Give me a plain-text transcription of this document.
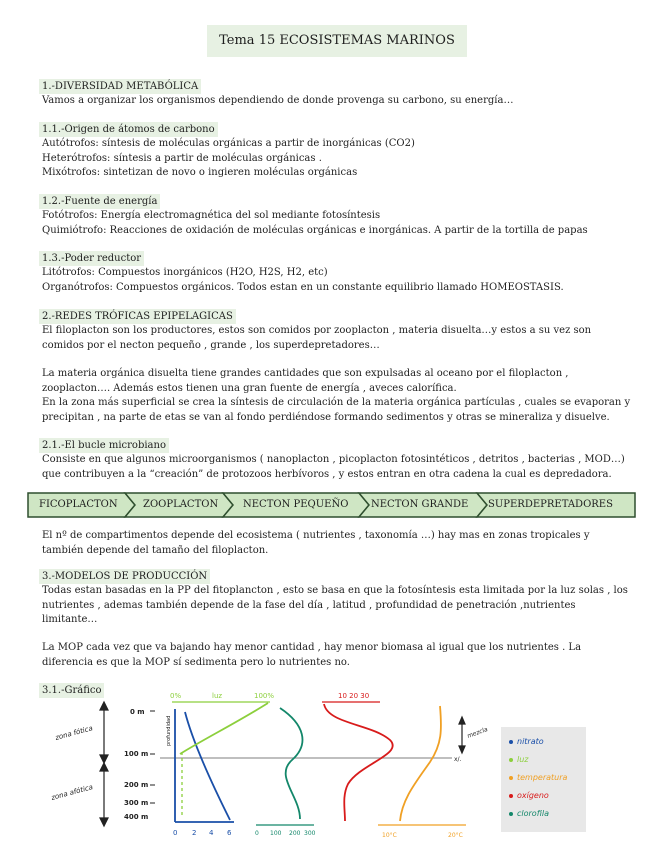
Tema 15 ECOSISTEMAS MARINOS
1.-DIVERSIDAD METABÓLICA
Vamos a organizar los organismos dependiendo de donde provenga su carbono, su energía…
1.1.-Origen de átomos de carbono
Autótrofos: síntesis de moléculas orgánicas a partir de inorgánicas (CO2)
Heterótrofos: síntesis a partir de moléculas orgánicas .
Mixótrofos: sintetizan de novo o ingieren moléculas orgánicas
1.2.-Fuente de energía
Fotótrofos: Energía electromagnética del sol mediante fotosíntesis
Quimiótrofo: Reacciones de oxidación de moléculas orgánicas e inorgánicas. A partir de la tortilla de papas
1.3.-Poder reductor
Litótrofos: Compuestos inorgánicos (H2O, H2S, H2, etc)
Organótrofos: Compuestos orgánicos. Todos estan en un constante equilibrio llamado HOMEOSTASIS.
2.-REDES TRÓFICAS EPIPELAGICAS
El filoplacton son los productores, estos son comidos por zooplacton , materia disuelta…y estos a su vez son
comidos por el necton pequeño , grande , los superdepretadores…
La materia orgánica disuelta tiene grandes cantidades que son expulsadas al oceano por el filoplacton ,
zooplacton…. Además estos tienen una gran fuente de energía , aveces calorífica.
En la zona más superficial se crea la síntesis de circulación de la materia orgánica partículas , cuales se evaporan y
precipitan , na parte de etas se van al fondo perdiéndose formando sedimentos y otras se mineraliza y disuelve.
2.1.-El bucle microbiano
Consiste en que algunos microorganismos ( nanoplacton , picoplacton fotosintéticos , detritos , bacterias , MOD…)
que contribuyen a la “creación” de protozoos herbívoros , y estos entran en otra cadena la cual es depredadora.
FICOPLACTON	ZOOPLACTON NECTON PEQUEÑO NECTON GRANDE SUPERDEPRETADORES
El nº de compartimentos depende del ecosistema ( nutrientes , taxonomía …) hay mas en zonas tropicales y
también depende del tamaño del filoplacton.
3.-MODELOS DE PRODUCCIÓN
Todas estan basadas en la PP del fitoplancton , esto se basa en que la fotosíntesis esta limitada por la luz solas , los
nutrientes , ademas también depende de la fase del día , latitud , profundidad de penetración ,nutrientes
limitante…
La MOP cada vez que va bajando hay menor cantidad , hay menor biomasa al igual que los nutrientes . La
diferencia es que la MOP sí sedimenta pero lo nutrientes no.
3.1.-Gráfico
zona fótica
zona afótica
0 m
100 m
200 m
300 m
400 m
profundidad
0%	luz	100%	10 20 30
mezcla
x/.
0 2 4 6	0 100 200 300	10°C	20°C
nitrato
luz
temperatura
oxígeno
clorofila
